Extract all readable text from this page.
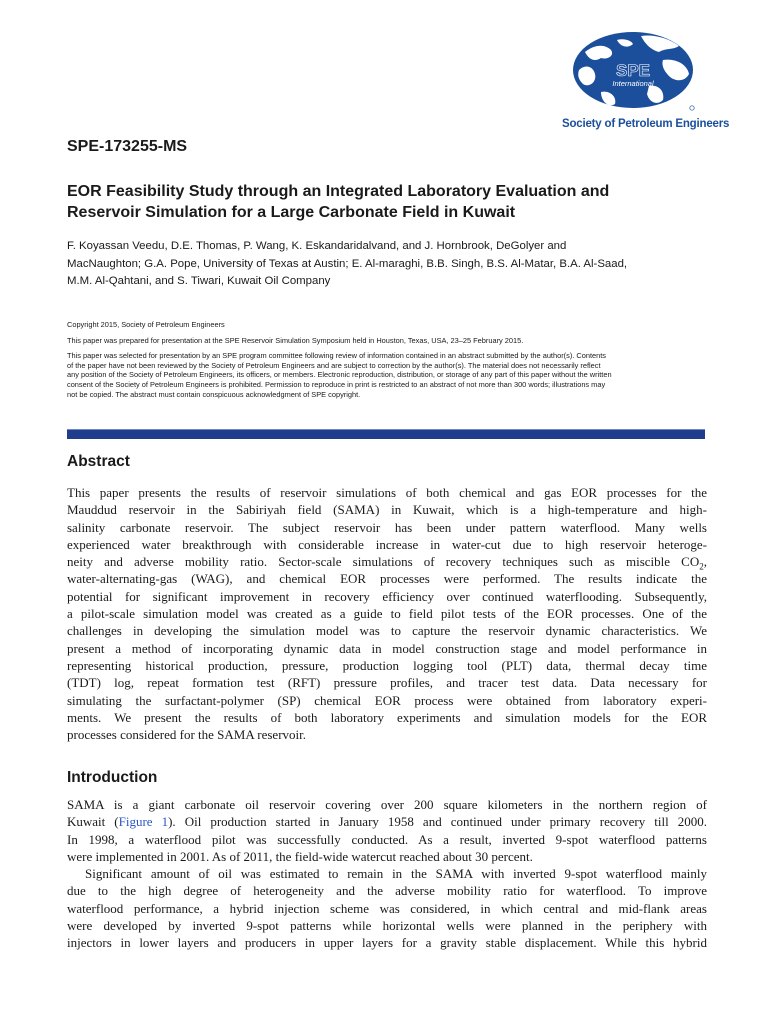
SPE
International
Society of Petroleum Engineers
SPE-173255-MS
EOR Feasibility Study through an Integrated Laboratory Evaluation and
Reservoir Simulation for a Large Carbonate Field in Kuwait

F. Koyassan Veedu, D.E. Thomas, P. Wang, K. Eskandaridalvand, and J. Hornbrook, DeGolyer and
MacNaughton; G.A. Pope, University of Texas at Austin; E. Al-maraghi, B.B. Singh, B.S. Al-Matar, B.A. Al-Saad,
M.M. Al-Qahtani, and S. Tiwari, Kuwait Oil Company

Copyright 2015, Society of Petroleum Engineers

This paper was prepared for presentation at the SPE Reservoir Simulation Symposium held in Houston, Texas, USA, 23–25 February 2015.

This paper was selected for presentation by an SPE program committee following review of information contained in an abstract submitted by the author(s). Contents
of the paper have not been reviewed by the Society of Petroleum Engineers and are subject to correction by the author(s). The material does not necessarily reflect
any position of the Society of Petroleum Engineers, its officers, or members. Electronic reproduction, distribution, or storage of any part of this paper without the written
consent of the Society of Petroleum Engineers is prohibited. Permission to reproduce in print is restricted to an abstract of not more than 300 words; illustrations may
not be copied. The abstract must contain conspicuous acknowledgment of SPE copyright.

Abstract
This paper presents the results of reservoir simulations of both chemical and gas EOR processes for the
Mauddud reservoir in the Sabiriyah field (SAMA) in Kuwait, which is a high-temperature and high-
salinity carbonate reservoir. The subject reservoir has been under pattern waterflood. Many wells
experienced water breakthrough with considerable increase in water-cut due to high reservoir heteroge-
neity and adverse mobility ratio. Sector-scale simulations of recovery techniques such as miscible $CO_2$,
water-alternating-gas (WAG), and chemical EOR processes were performed. The results indicate the
potential for significant improvement in recovery efficiency over continued waterflooding. Subsequently,
a pilot-scale simulation model was created as a guide to field pilot tests of the EOR processes. One of the
challenges in developing the simulation model was to capture the reservoir dynamic characteristics. We
present a method of incorporating dynamic data in model construction stage and model performance in
representing historical production, pressure, production logging tool (PLT) data, thermal decay time
(TDT) log, repeat formation test (RFT) pressure profiles, and tracer test data. Data necessary for
simulating the surfactant-polymer (SP) chemical EOR process were obtained from laboratory experi-
ments. We present the results of both laboratory experiments and simulation models for the EOR
processes considered for the SAMA reservoir.
Introduction
SAMA is a giant carbonate oil reservoir covering over 200 square kilometers in the northern region of
Kuwait (Figure 1). Oil production started in January 1958 and continued under primary recovery till 2000.
In 1998, a waterflood pilot was successfully conducted. As a result, inverted 9-spot waterflood patterns
were implemented in 2001. As of 2011, the field-wide watercut reached about 30 percent.
Significant amount of oil was estimated to remain in the SAMA with inverted 9-spot waterflood mainly
due to the high degree of heterogeneity and the adverse mobility ratio for waterflood. To improve
waterflood performance, a hybrid injection scheme was considered, in which central and mid-flank areas
were developed by inverted 9-spot patterns while horizontal wells were planned in the periphery with
injectors in lower layers and producers in upper layers for a gravity stable displacement. While this hybrid
